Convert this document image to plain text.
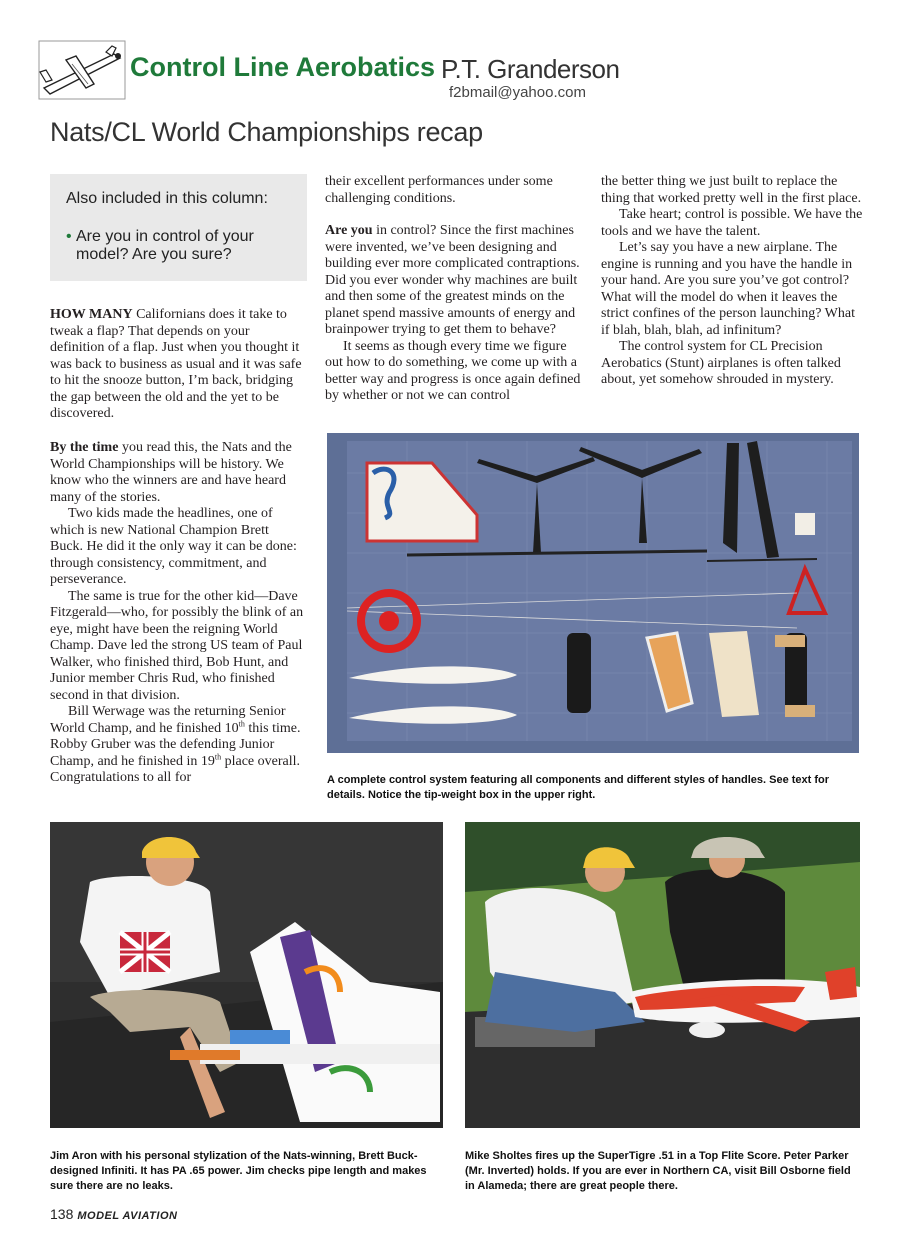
Control Line Aerobatics P.T. Granderson
f2bmail@yahoo.com
Nats/CL World Championships recap
Also included in this column:
• Are you in control of your model? Are you sure?

HOW MANY Californians does it take to tweak a flap? That depends on your definition of a flap. Just when you thought it was back to business as usual and it was safe to hit the snooze button, I’m back, bridging the gap between the old and the yet to be discovered.

By the time you read this, the Nats and the World Championships will be history. We know who the winners are and have heard many of the stories.

Two kids made the headlines, one of which is new National Champion Brett Buck. He did it the only way it can be done: through consistency, commitment, and perseverance.

The same is true for the other kid—Dave Fitzgerald—who, for possibly the blink of an eye, might have been the reigning World Champ. Dave led the strong US team of Paul Walker, who finished third, Bob Hunt, and Junior member Chris Rud, who finished second in that division.

Bill Werwage was the returning Senior World Champ, and he finished 10th this time. Robby Gruber was the defending Junior Champ, and he finished in 19th place overall. Congratulations to all for

their excellent performances under some challenging conditions.

Are you in control? Since the first machines were invented, we’ve been designing and building ever more complicated contraptions. Did you ever wonder why machines are built and then some of the greatest minds on the planet spend massive amounts of energy and brainpower trying to get them to behave?

It seems as though every time we figure out how to do something, we come up with a better way and progress is once again defined by whether or not we can control

the better thing we just built to replace the thing that worked pretty well in the first place.

Take heart; control is possible. We have the tools and we have the talent.

Let’s say you have a new airplane. The engine is running and you have the handle in your hand. Are you sure you’ve got control? What will the model do when it leaves the strict confines of the person launching? What if blah, blah, blah, ad infinitum?

The control system for CL Precision Aerobatics (Stunt) airplanes is often talked about, yet somehow shrouded in mystery.

A complete control system featuring all components and different styles of handles. See text for details. Notice the tip-weight box in the upper right.
Jim Aron with his personal stylization of the Nats-winning, Brett Buck-designed Infiniti. It has PA .65 power. Jim checks pipe length and makes sure there are no leaks.
Mike Sholtes fires up the SuperTigre .51 in a Top Flite Score. Peter Parker (Mr. Inverted) holds. If you are ever in Northern CA, visit Bill Osborne field in Alameda; there are great people there.
138 MODEL AVIATION
